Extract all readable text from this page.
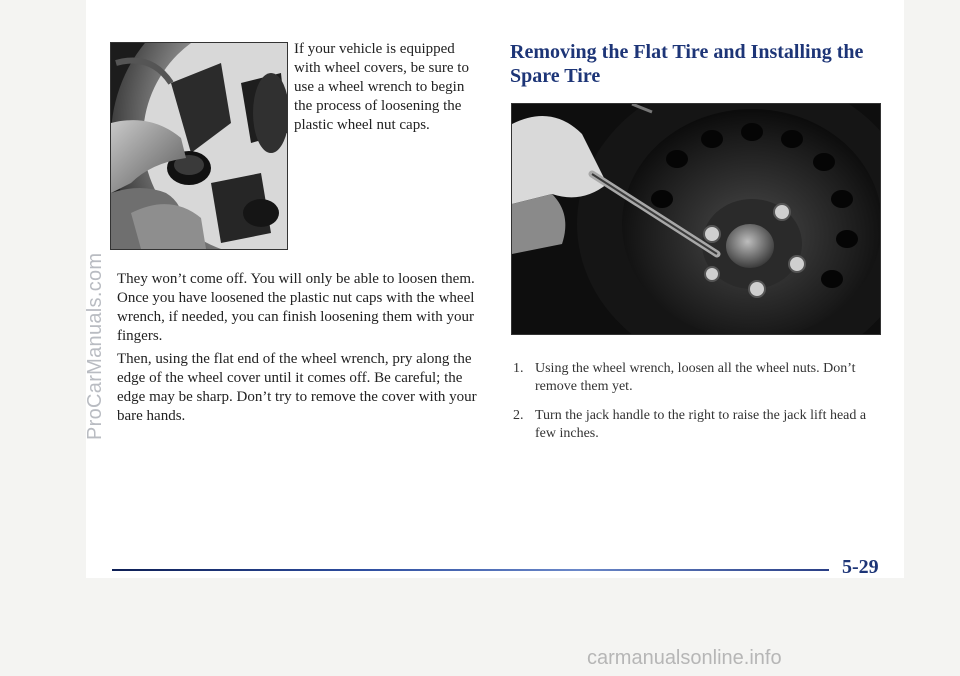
If your vehicle is equipped with wheel covers, be sure to use a wheel wrench to begin the process of loosening the plastic wheel nut caps.

They won’t come off. You will only be able to loosen them. Once you have loosened the plastic nut caps with the wheel wrench, if needed, you can finish loosening them with your fingers.

Then, using the flat end of the wheel wrench, pry along the edge of the wheel cover until it comes off. Be careful; the edge may be sharp. Don’t try to remove the cover with your bare hands.

Removing the Flat Tire and Installing the Spare Tire
1. Using the wheel wrench, loosen all the wheel nuts. Don’t remove them yet.
2. Turn the jack handle to the right to raise the jack lift head a few inches.
5-29
ProCarManuals.com
carmanualsonline.info
